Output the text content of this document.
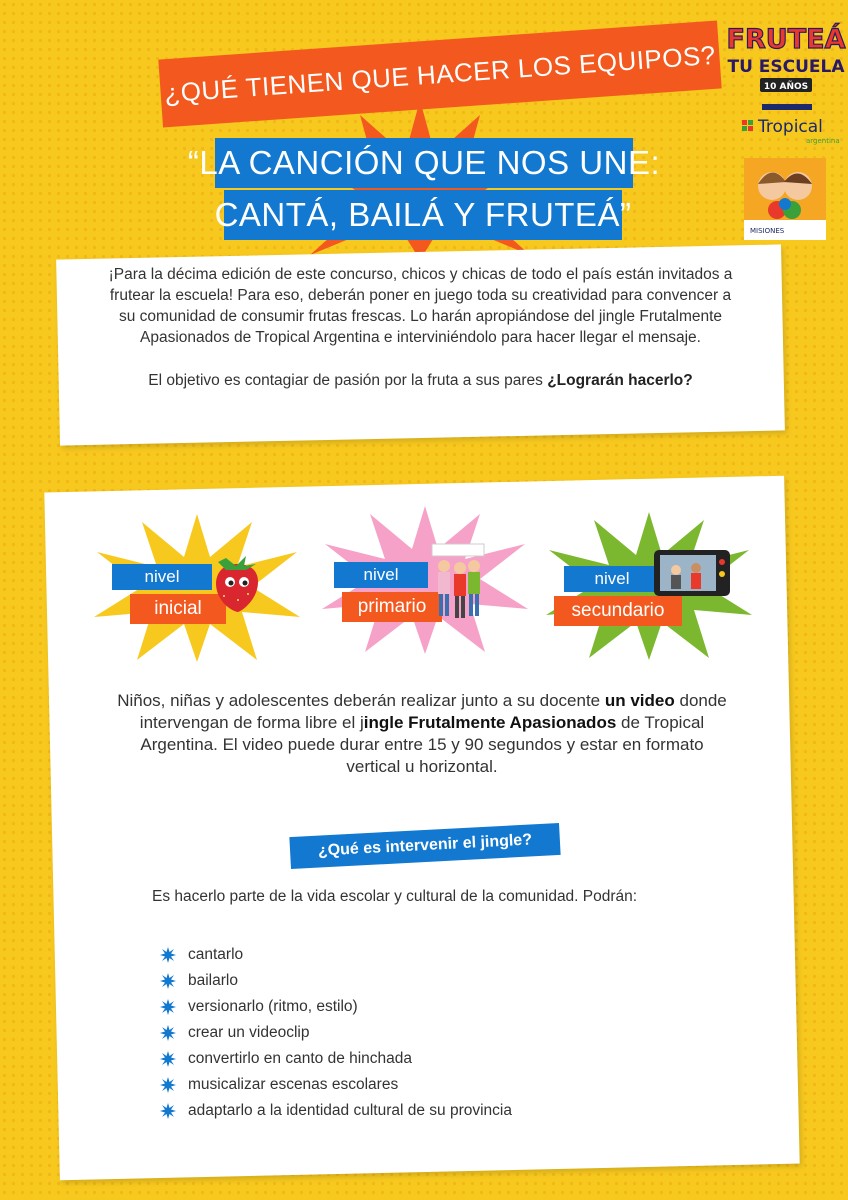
¿QUÉ TIENEN QUE HACER LOS EQUIPOS?
“LA CANCIÓN QUE NOS UNE:
CANTÁ, BAILÁ Y FRUTEÁ”
FRUTEÁ
TU ESCUELA
10 AÑOS
Tropical
argentina
MISIONES

¡Para la décima edición de este concurso, chicos y chicas de todo el país están invitados a frutear la escuela! Para eso, deberán poner en juego toda su creatividad para convencer a su comunidad de consumir frutas frescas. Lo harán apropiándose del jingle Frutalmente Apasionados de Tropical Argentina e interviniéndolo para hacer llegar el mensaje.

El objetivo es contagiar de pasión por la fruta a sus pares ¿Lograrán hacerlo?

nivel
inicial
nivel
primario
nivel
secundario

Niños, niñas y adolescentes deberán realizar junto a su docente un video donde intervengan de forma libre el jingle Frutalmente Apasionados de Tropical Argentina. El video puede durar entre 15 y 90 segundos y estar en formato vertical u horizontal.

¿Qué es intervenir el jingle?

Es hacerlo parte de la vida escolar y cultural de la comunidad. Podrán:

cantarlo
bailarlo
versionarlo (ritmo, estilo)
crear un videoclip
convertirlo en canto de hinchada
musicalizar escenas escolares
adaptarlo a la identidad cultural de su provincia
